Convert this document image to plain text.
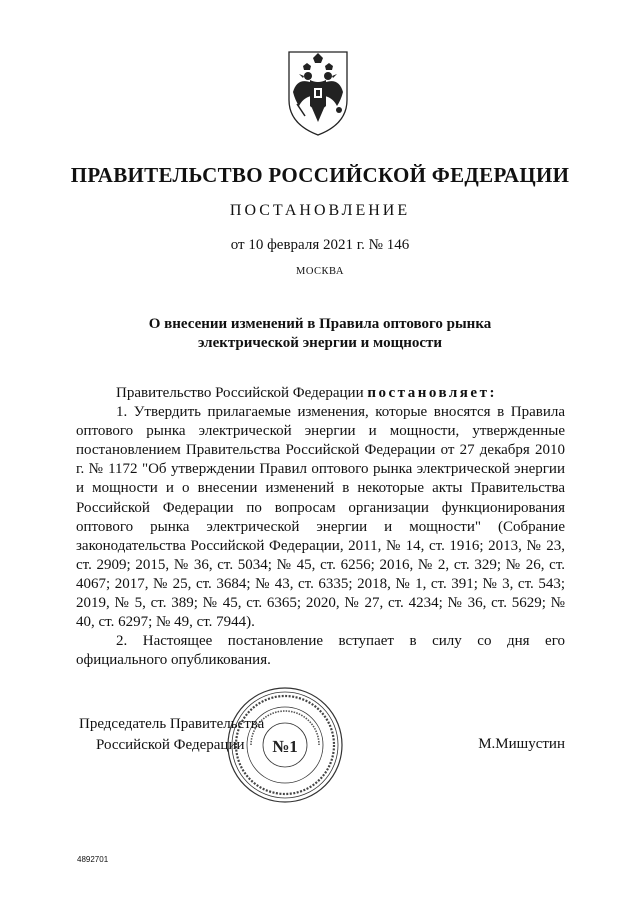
ПРАВИТЕЛЬСТВО РОССИЙСКОЙ ФЕДЕРАЦИИ
ПОСТАНОВЛЕНИЕ
от 10 февраля 2021 г. № 146
МОСКВА
О внесении изменений в Правила оптового рынка
электрической энергии и мощности

Правительство Российской Федерации постановляет:

1. Утвердить прилагаемые изменения, которые вносятся в Правила оптового рынка электрической энергии и мощности, утвержденные постановлением Правительства Российской Федерации от 27 декабря 2010 г. № 1172 "Об утверждении Правил оптового рынка электрической энергии и мощности и о внесении изменений в некоторые акты Правительства Российской Федерации по вопросам организации функционирования оптового рынка электрической энергии и мощности" (Собрание законодательства Российской Федерации, 2011, № 14, ст. 1916; 2013, № 23, ст. 2909; 2015, № 36, ст. 5034; № 45, ст. 6256; 2016, № 2, ст. 329; № 26, ст. 4067; 2017, № 25, ст. 3684; № 43, ст. 6335; 2018, № 1, ст. 391; № 3, ст. 543; 2019, № 5, ст. 389; № 45, ст. 6365; 2020, № 27, ст. 4234; № 36, ст. 5629; № 40, ст. 6297; № 49, ст. 7944).

2. Настоящее постановление вступает в силу со дня его официального опубликования.

№1
Председатель Правительства
Российской Федерации	М.Мишустин
4892701
